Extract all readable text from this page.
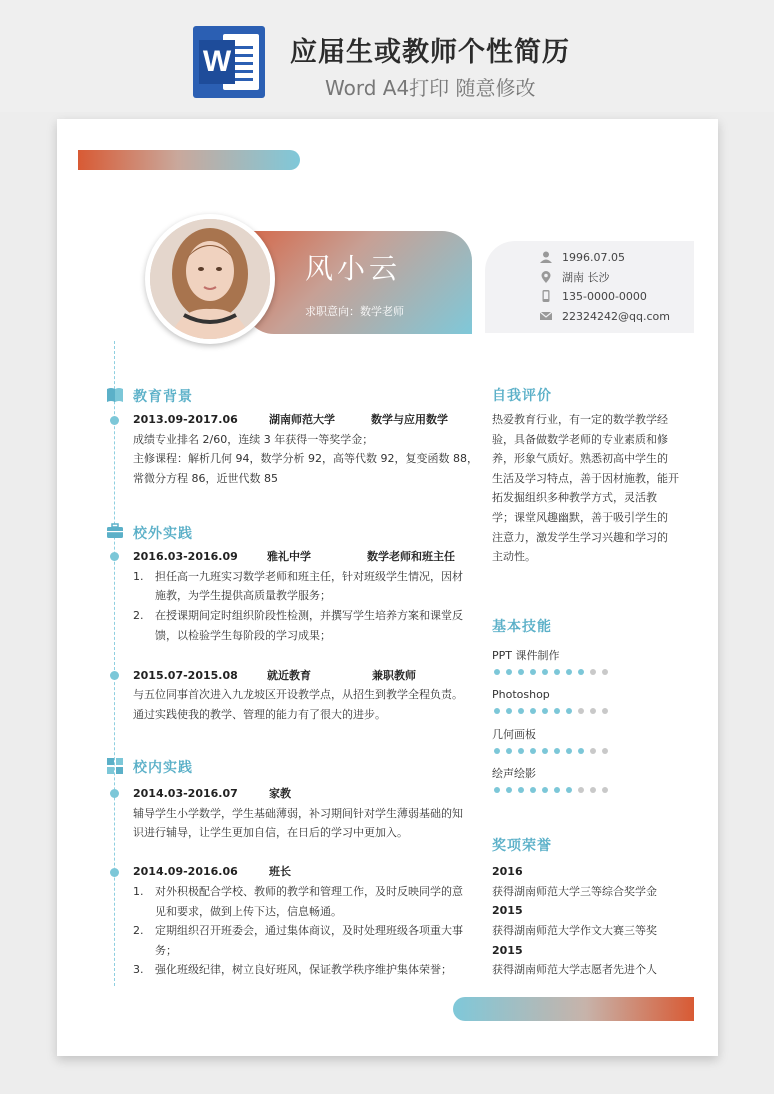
W 应届生或教师个性简历
Word A4打印 随意修改
风小云
求职意向：数学老师
1996.07.05
湖南 长沙
135-0000-0000
22324242@qq.com
教育背景
2013.09-2017.06	湖南师范大学	数学与应用数学
成绩专业排名 2/60，连续 3 年获得一等奖学金；
主修课程：解析几何 94，数学分析 92，高等代数 92，复变函数 88，
常微分方程 86，近世代数 85
校外实践
2016.03-2016.09	雅礼中学	数学老师和班主任
1. 担任高一九班实习数学老师和班主任，针对班级学生情况，因材
施教，为学生提供高质量教学服务；
2. 在授课期间定时组织阶段性检测，并撰写学生培养方案和课堂反
馈，以检验学生每阶段的学习成果；
2015.07-2015.08	就近教育	兼职教师
与五位同事首次进入九龙坡区开设教学点，从招生到教学全程负责。
通过实践使我的教学、管理的能力有了很大的进步。
校内实践
2014.03-2016.07	家教
辅导学生小学数学，学生基础薄弱，补习期间针对学生薄弱基础的知
识进行辅导，让学生更加自信，在日后的学习中更加入。
2014.09-2016.06	班长
1. 对外积极配合学校、教师的教学和管理工作，及时反映同学的意
见和要求，做到上传下达，信息畅通。
2. 定期组织召开班委会，通过集体商议，及时处理班级各项重大事
务；
3. 强化班级纪律，树立良好班风，保证教学秩序维护集体荣誉；
自我评价
热爱教育行业，有一定的数学教学经
验，具备做数学老师的专业素质和修
养，形象气质好。熟悉初高中学生的
生活及学习特点，善于因材施教，能开
拓发掘组织多种教学方式，灵活教
学；课堂风趣幽默，善于吸引学生的
注意力，激发学生学习兴趣和学习的
主动性。
基本技能
PPT 课件制作
Photoshop
几何画板
绘声绘影
奖项荣誉
2016
获得湖南师范大学三等综合奖学金
2015
获得湖南师范大学作文大赛三等奖
2015
获得湖南师范大学志愿者先进个人
